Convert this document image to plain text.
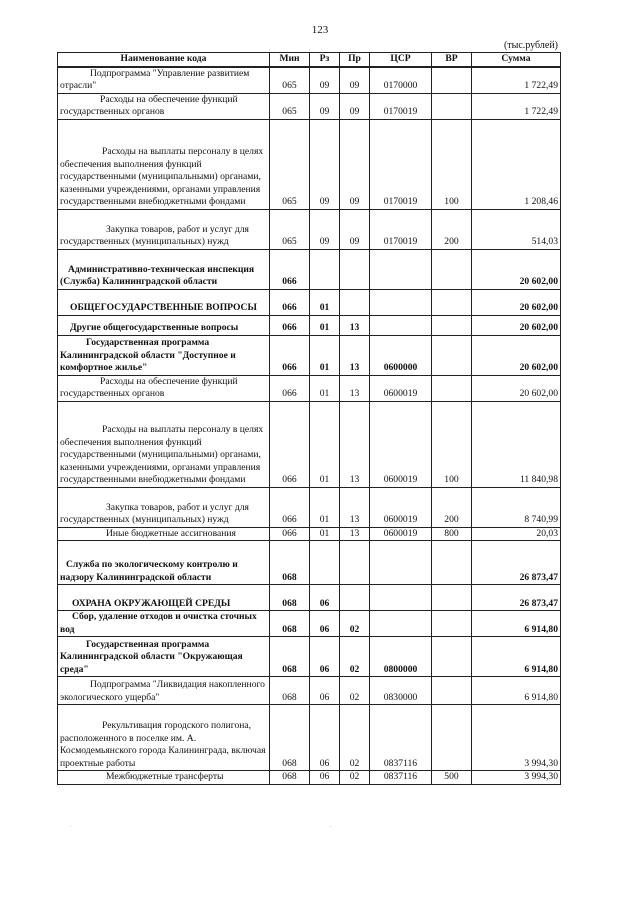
123
(тыс.рублей)
Наименование кода	Мин	Рз	Пр	ЦСР	ВР	Сумма

Подпрограмма "Управление развитием отрасли"	065	09	09	0170000		1 722,49

Расходы на обеспечение функций государственных органов	065	09	09	0170019		1 722,49

Расходы на выплаты персоналу в целях обеспечения выполнения функций государственными (муниципальными) органами, казенными учреждениями, органами управления государственными внебюджетными фондами	065	09	09	0170019	100	1 208,46

Закупка товаров, работ и услуг для государственных (муниципальных) нужд	065	09	09	0170019	200	514,03

Административно-техническая инспекция (Служба) Калининградской области	066					20 602,00

ОБЩЕГОСУДАРСТВЕННЫЕ ВОПРОСЫ	066	01				20 602,00

Другие общегосударственные вопросы	066	01	13			20 602,00

Государственная программа Калининградской области "Доступное и комфортное жилье"	066	01	13	0600000		20 602,00

Расходы на обеспечение функций государственных органов	066	01	13	0600019		20 602,00

Расходы на выплаты персоналу в целях обеспечения выполнения функций государственными (муниципальными) органами, казенными учреждениями, органами управления государственными внебюджетными фондами	066	01	13	0600019	100	11 840,98

Закупка товаров, работ и услуг для государственных (муниципальных) нужд	066	01	13	0600019	200	8 740,99

Иные бюджетные ассигнования	066	01	13	0600019	800	20,03

Служба по экологическому контролю и надзору Калининградской области	068					26 873,47

ОХРАНА ОКРУЖАЮЩЕЙ СРЕДЫ	068	06				26 873,47

Сбор, удаление отходов и очистка сточных вод	068	06	02			6 914,80

Государственная программа Калининградской области "Окружающая среда"	068	06	02	0800000		6 914,80

Подпрограмма "Ликвидация накопленного экологического ущерба"	068	06	02	0830000		6 914,80

Рекультивация городского полигона, расположенного в поселке им. А. Космодемьянского города Калининграда, включая проектные работы	068	06	02	0837116		3 994,30

Межбюджетные трансферты	068	06	02	0837116	500	3 994,30
